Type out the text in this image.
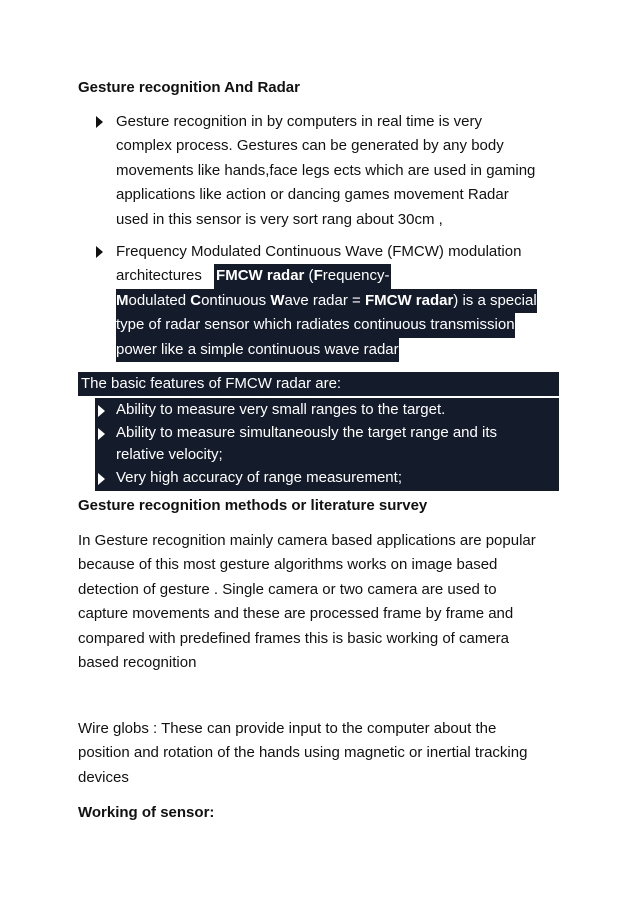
Gesture recognition And Radar
Gesture recognition in by computers in real time is very
complex process. Gestures can be generated by any body
movements like hands,face legs ects which are used in gaming
applications like action or dancing games movement Radar
used in this sensor is very sort rang about 30cm ,
Frequency Modulated Continuous Wave (FMCW) modulation
architectures FMCW radar (Frequency-
Modulated Continuous Wave radar = FMCW radar) is a special
type of radar sensor which radiates continuous transmission
power like a simple continuous wave radar
The basic features of FMCW radar are:
Ability to measure very small ranges to the target.
Ability to measure simultaneously the target range and its
relative velocity;
Very high accuracy of range measurement;
Gesture recognition methods or literature survey
In Gesture recognition mainly camera based applications are popular
because of this most gesture algorithms works on image based
detection of gesture . Single camera or two camera are used to
capture movements and these are processed frame by frame and
compared with predefined frames this is basic working of camera
based recognition
Wire globs : These can provide input to the computer about the
position and rotation of the hands using magnetic or inertial tracking
devices
Working of sensor:
